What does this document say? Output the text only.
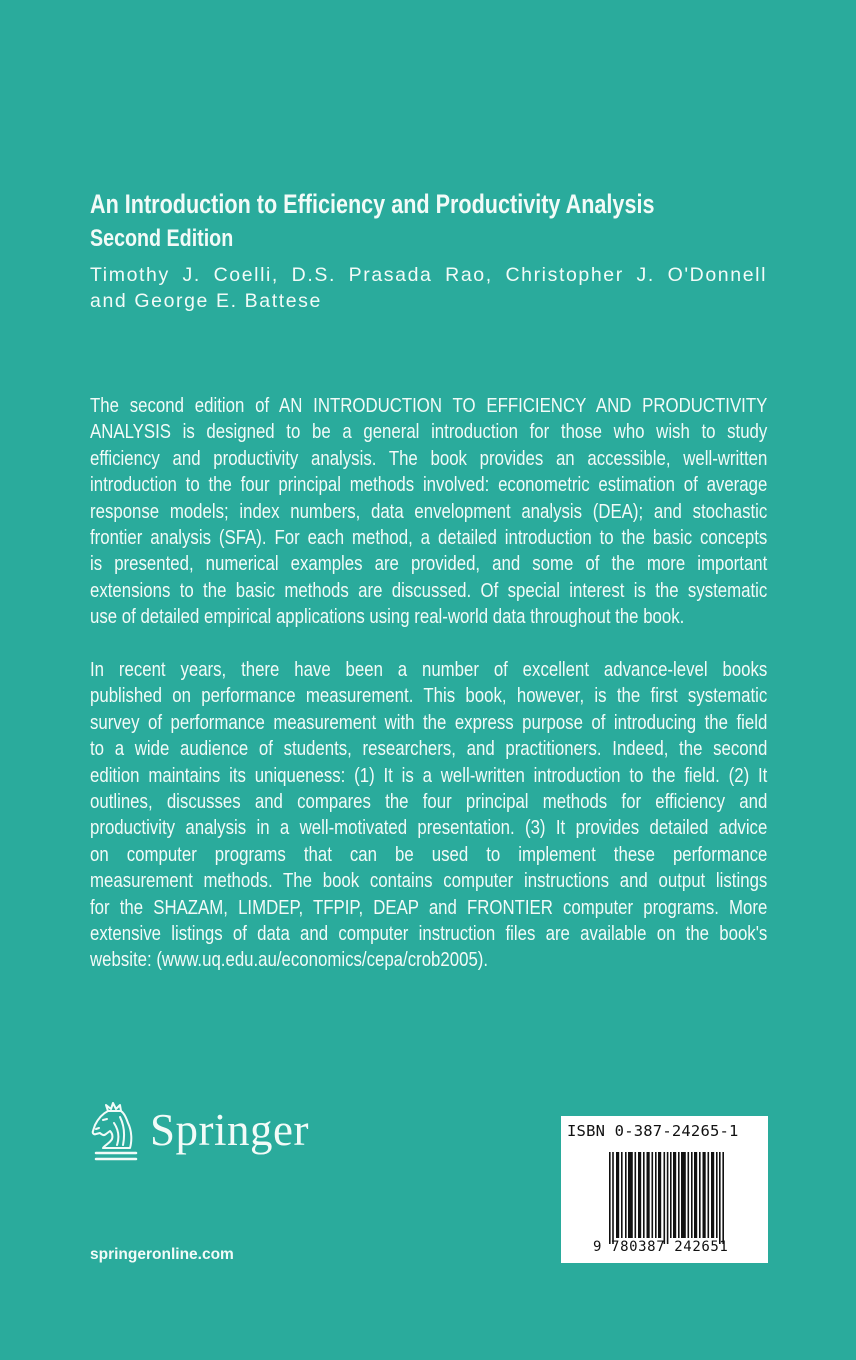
An Introduction to Efficiency and Productivity Analysis
Second Edition
Timothy J. Coelli, D.S. Prasada Rao, Christopher J. O'Donnell
and George E. Battese
The second edition of AN INTRODUCTION TO EFFICIENCY AND PRODUCTIVITY
ANALYSIS is designed to be a general introduction for those who wish to study
efficiency and productivity analysis. The book provides an accessible, well-written
introduction to the four principal methods involved: econometric estimation of average
response models; index numbers, data envelopment analysis (DEA); and stochastic
frontier analysis (SFA). For each method, a detailed introduction to the basic concepts
is presented, numerical examples are provided, and some of the more important
extensions to the basic methods are discussed. Of special interest is the systematic
use of detailed empirical applications using real-world data throughout the book.
In recent years, there have been a number of excellent advance-level books
published on performance measurement. This book, however, is the first systematic
survey of performance measurement with the express purpose of introducing the field
to a wide audience of students, researchers, and practitioners. Indeed, the second
edition maintains its uniqueness: (1) It is a well-written introduction to the field. (2) It
outlines, discusses and compares the four principal methods for efficiency and
productivity analysis in a well-motivated presentation. (3) It provides detailed advice
on computer programs that can be used to implement these performance
measurement methods. The book contains computer instructions and output listings
for the SHAZAM, LIMDEP, TFPIP, DEAP and FRONTIER computer programs. More
extensive listings of data and computer instruction files are available on the book's
website: (www.uq.edu.au/economics/cepa/crob2005).
Springer
springeronline.com
ISBN 0-387-24265-1
9 780387 242651
